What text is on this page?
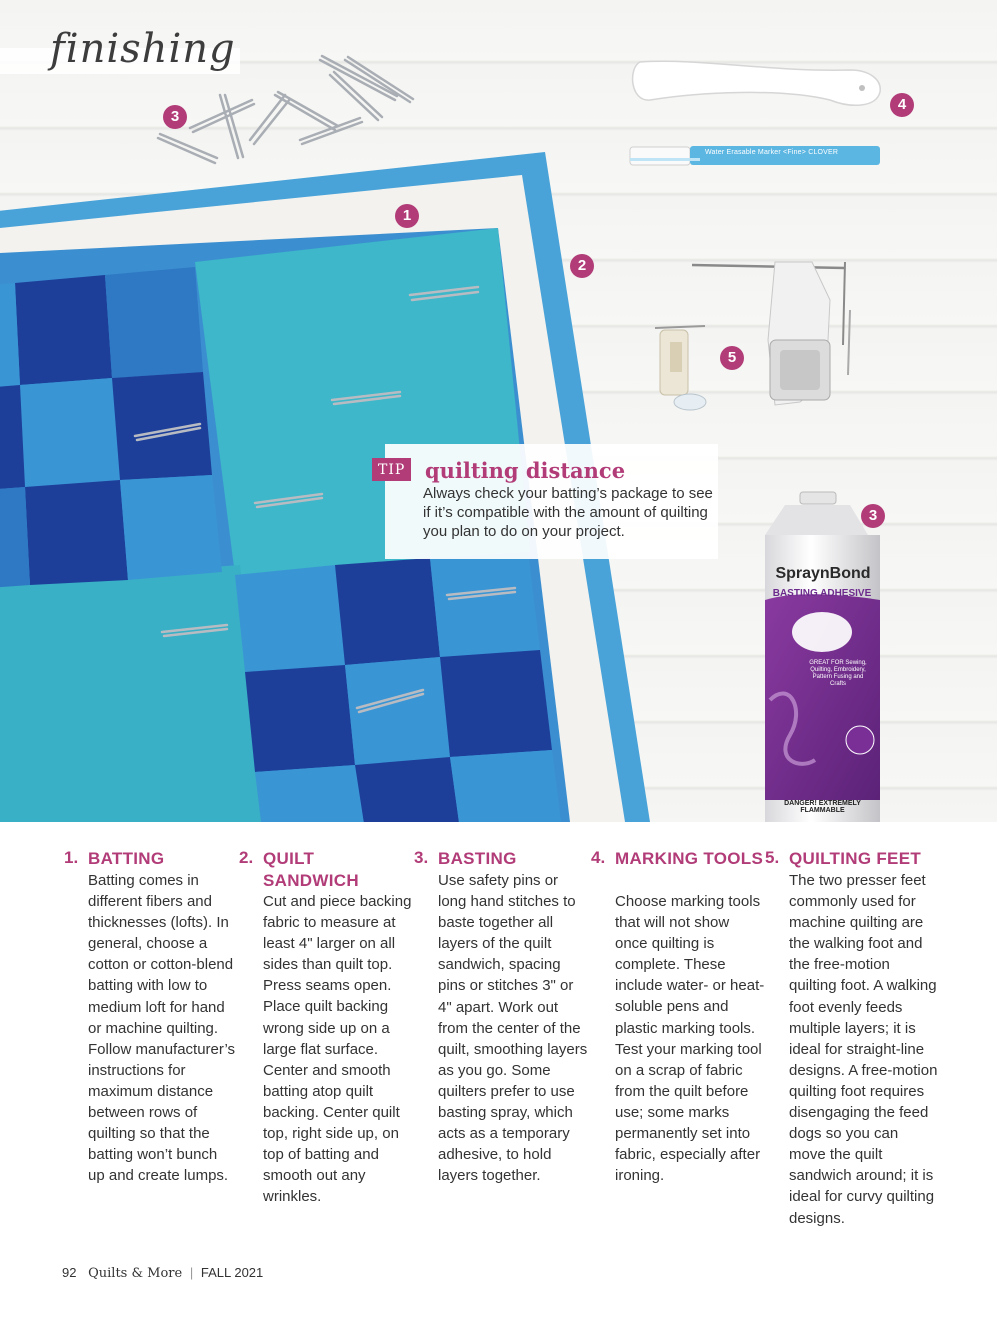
finishing
1
2
3
3
4
5
Water Erasable Marker <Fine> CLOVER
SpraynBond
BASTING ADHESIVE
GREAT FOR Sewing, Quilting, Embroidery, Pattern Fusing and Crafts
DANGER! EXTREMELY FLAMMABLE
TIP quilting distance
Always check your batting’s package to see if it’s compatible with the amount of quilting you plan to do on your project.
1. BATTING
Batting comes in different fibers and thicknesses (lofts). In general, choose a cotton or cotton-blend batting with low to medium loft for hand or machine quilting. Follow manufacturer’s instructions for maximum distance between rows of quilting so that the batting won’t bunch up and create lumps.
2. QUILT SANDWICH
Cut and piece backing fabric to measure at least 4" larger on all sides than quilt top. Press seams open. Place quilt backing wrong side up on a large flat surface. Center and smooth batting atop quilt backing. Center quilt top, right side up, on top of batting and smooth out any wrinkles.
3. BASTING
Use safety pins or long hand stitches to baste together all layers of the quilt sandwich, spacing pins or stitches 3" or 4" apart. Work out from the center of the quilt, smoothing layers as you go. Some quilters prefer to use basting spray, which acts as a temporary adhesive, to hold layers together.
4. MARKING TOOLS
Choose marking tools that will not show once quilting is complete. These include water- or heat-soluble pens and plastic marking tools. Test your marking tool on a scrap of fabric from the quilt before use; some marks permanently set into fabric, especially after ironing.
5. QUILTING FEET
The two presser feet commonly used for machine quilting are the walking foot and the free-motion quilting foot. A walking foot evenly feeds multiple layers; it is ideal for straight-line designs. A free-motion quilting foot requires disengaging the feed dogs so you can move the quilt sandwich around; it is ideal for curvy quilting designs.
92 Quilts & More | FALL 2021
